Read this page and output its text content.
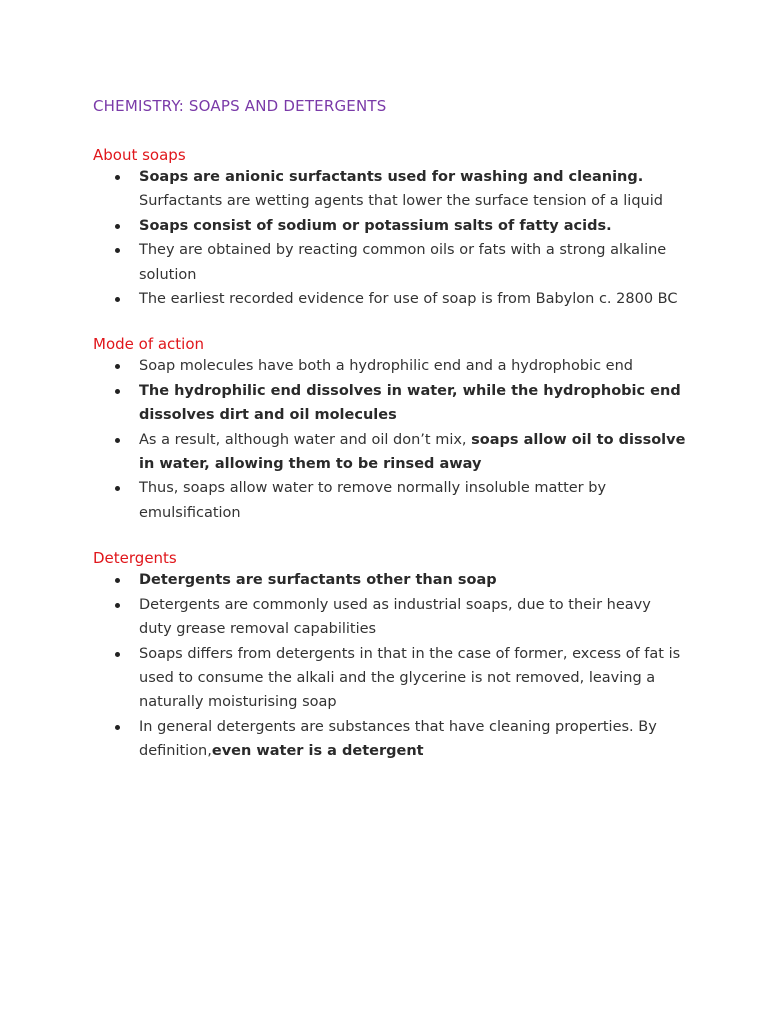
CHEMISTRY: SOAPS AND DETERGENTS
About soaps
Soaps are anionic surfactants used for washing and cleaning. Surfactants are wetting agents that lower the surface tension of a liquid
Soaps consist of sodium or potassium salts of fatty acids.
They are obtained by reacting common oils or fats with a strong alkaline solution
The earliest recorded evidence for use of soap is from Babylon c. 2800 BC
Mode of action
Soap molecules have both a hydrophilic end and a hydrophobic end
The hydrophilic end dissolves in water, while the hydrophobic end dissolves dirt and oil molecules
As a result, although water and oil don’t mix, soaps allow oil to dissolve in water, allowing them to be rinsed away
Thus, soaps allow water to remove normally insoluble matter by emulsification
Detergents
Detergents are surfactants other than soap
Detergents are commonly used as industrial soaps, due to their heavy duty grease removal capabilities
Soaps differs from detergents in that in the case of former, excess of fat is used to consume the alkali and the glycerine is not removed, leaving a naturally moisturising soap
In general detergents are substances that have cleaning properties. By definition,even water is a detergent
